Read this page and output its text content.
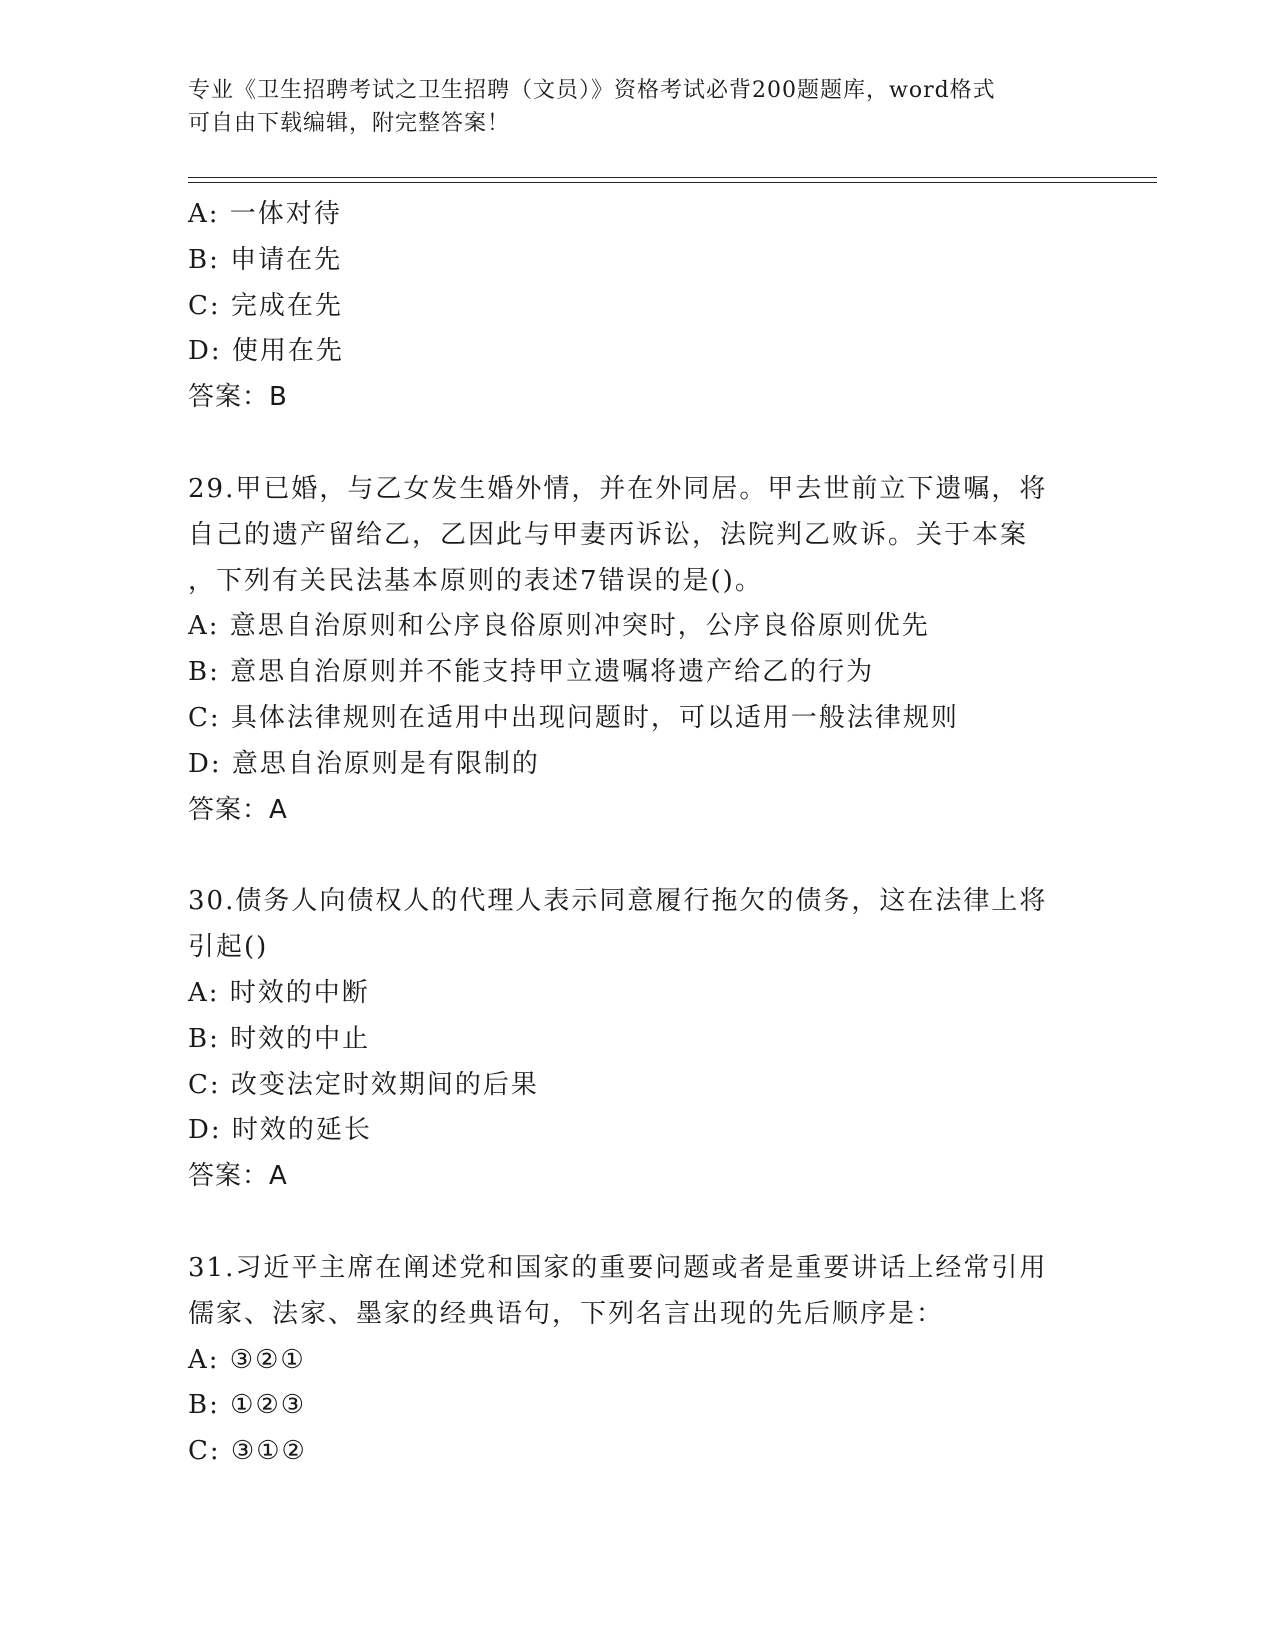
专业《卫生招聘考试之卫生招聘（文员）》资格考试必背200题题库，word格式
可自由下载编辑，附完整答案！
A: 一体对待
B: 申请在先
C: 完成在先
D: 使用在先
答案：B
29.甲已婚，与乙女发生婚外情，并在外同居。甲去世前立下遗嘱，将
自己的遗产留给乙，乙因此与甲妻丙诉讼，法院判乙败诉。关于本案
，下列有关民法基本原则的表述7错误的是()。
A: 意思自治原则和公序良俗原则冲突时，公序良俗原则优先
B: 意思自治原则并不能支持甲立遗嘱将遗产给乙的行为
C: 具体法律规则在适用中出现问题时，可以适用一般法律规则
D: 意思自治原则是有限制的
答案：A
30.债务人向债权人的代理人表示同意履行拖欠的债务，这在法律上将
引起()
A: 时效的中断
B: 时效的中止
C: 改变法定时效期间的后果
D: 时效的延长
答案：A
31.习近平主席在阐述党和国家的重要问题或者是重要讲话上经常引用
儒家、法家、墨家的经典语句，下列名言出现的先后顺序是：
A: ③②①
B: ①②③
C: ③①②
